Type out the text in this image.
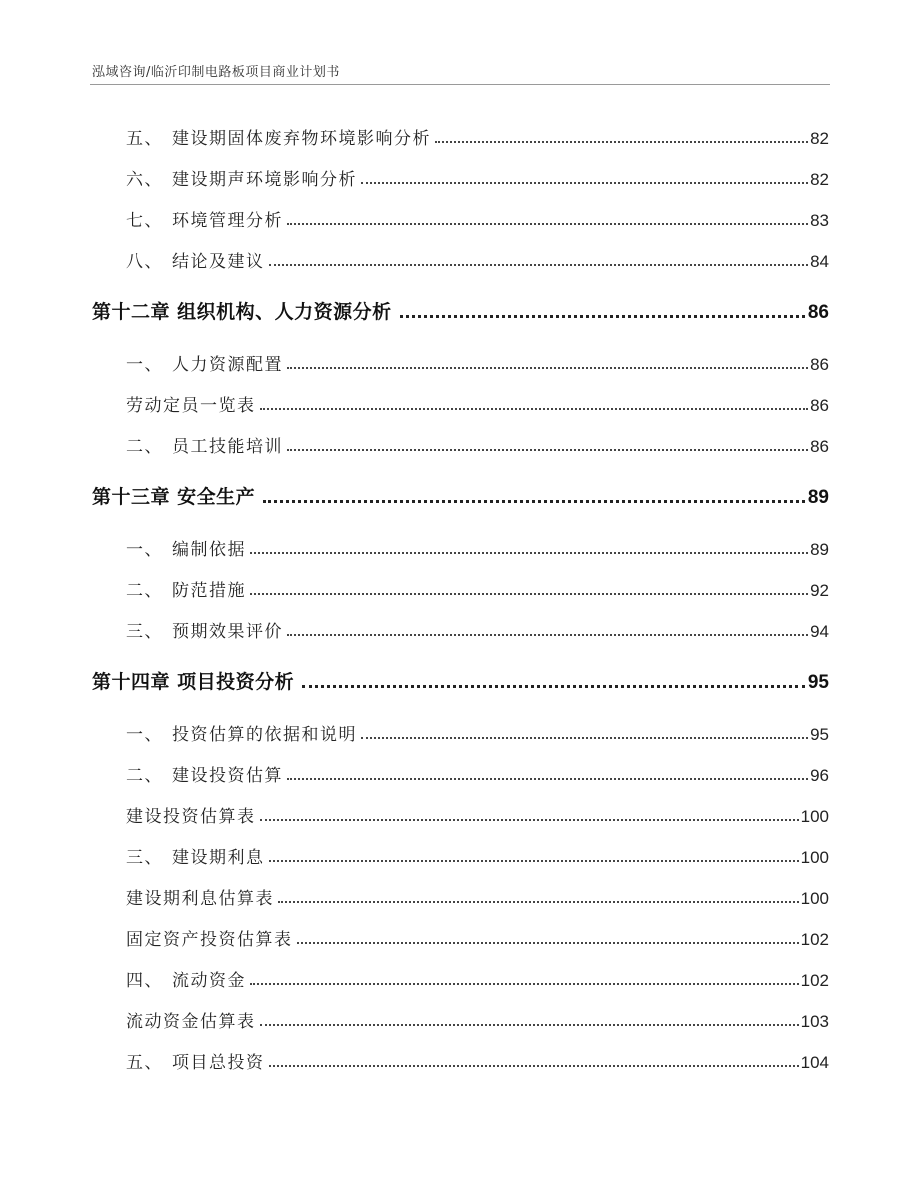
泓域咨询/临沂印制电路板项目商业计划书
五、 建设期固体废弃物环境影响分析	82
六、 建设期声环境影响分析	82
七、 环境管理分析	83
八、 结论及建议	84
第十二章 组织机构、人力资源分析	86
一、 人力资源配置	86
劳动定员一览表	86
二、 员工技能培训	86
第十三章 安全生产	89
一、 编制依据	89
二、 防范措施	92
三、 预期效果评价	94
第十四章 项目投资分析	95
一、 投资估算的依据和说明	95
二、 建设投资估算	96
建设投资估算表	100
三、 建设期利息	100
建设期利息估算表	100
固定资产投资估算表	102
四、 流动资金	102
流动资金估算表	103
五、 项目总投资	104
